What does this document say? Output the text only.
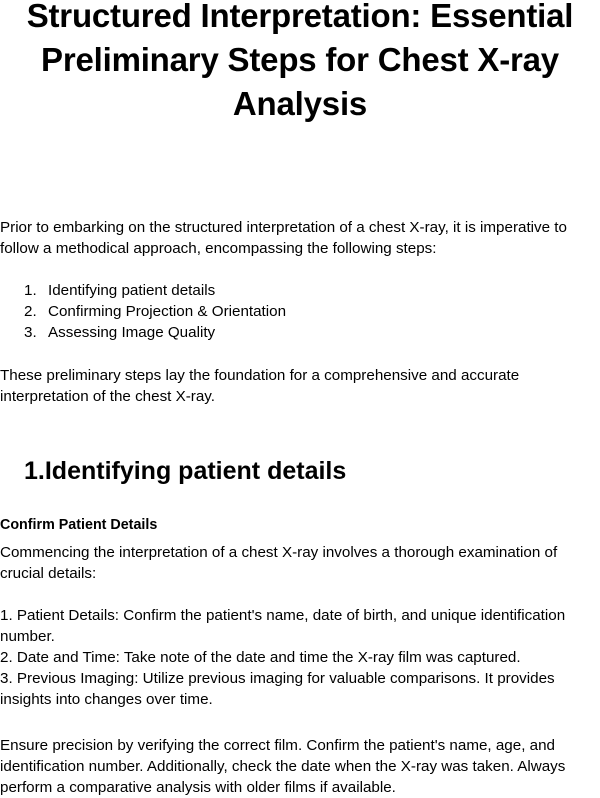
Structured Interpretation: Essential Preliminary Steps for Chest X-ray Analysis

Prior to embarking on the structured interpretation of a chest X-ray, it is imperative to follow a methodical approach, encompassing the following steps:

1. Identifying patient details
2. Confirming Projection & Orientation
3. Assessing Image Quality

These preliminary steps lay the foundation for a comprehensive and accurate interpretation of the chest X-ray.

1.Identifying patient details
Confirm Patient Details

Commencing the interpretation of a chest X-ray involves a thorough examination of crucial details:

1. Patient Details: Confirm the patient's name, date of birth, and unique identification number.
2. Date and Time: Take note of the date and time the X-ray film was captured.
3. Previous Imaging: Utilize previous imaging for valuable comparisons. It provides insights into changes over time.

Ensure precision by verifying the correct film. Confirm the patient's name, age, and identification number. Additionally, check the date when the X-ray was taken. Always perform a comparative analysis with older films if available.
